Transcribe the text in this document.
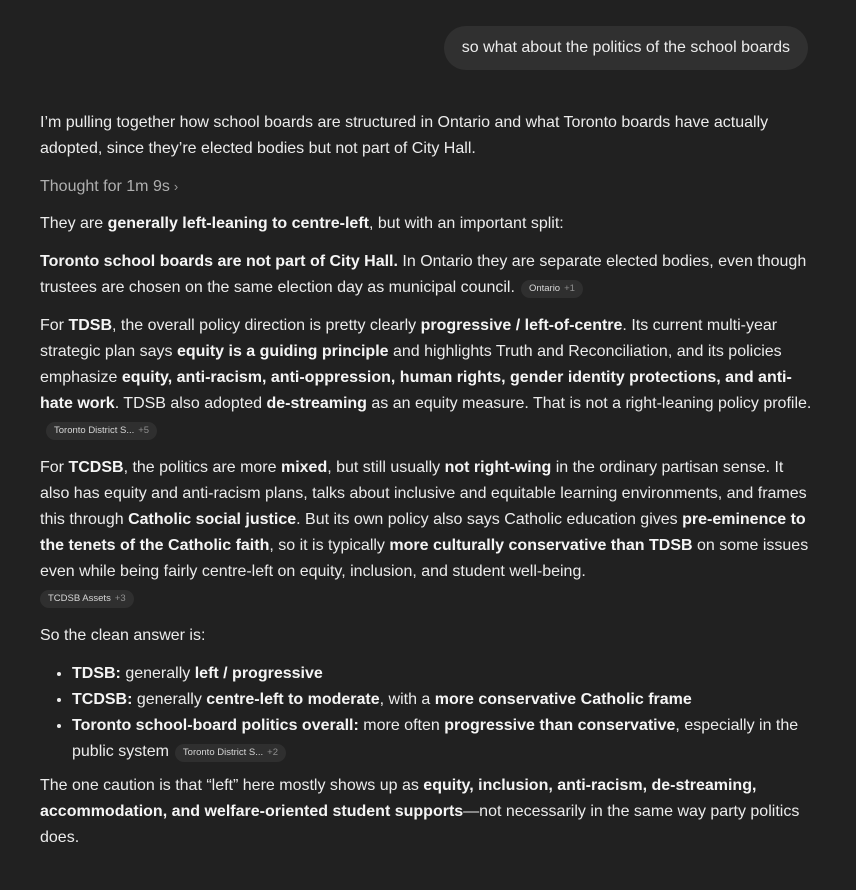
so what about the politics of the school boards

I’m pulling together how school boards are structured in Ontario and what Toronto boards have actually adopted, since they’re elected bodies but not part of City Hall.

Thought for 1m 9s ›

They are generally left-leaning to centre-left, but with an important split:

Toronto school boards are not part of City Hall. In Ontario they are separate elected bodies, even though trustees are chosen on the same election day as municipal council. Ontario +1

For TDSB, the overall policy direction is pretty clearly progressive / left-of-centre. Its current multi-year strategic plan says equity is a guiding principle and highlights Truth and Reconciliation, and its policies emphasize equity, anti-racism, anti-oppression, human rights, gender identity protections, and anti-hate work. TDSB also adopted de-streaming as an equity measure. That is not a right-leaning policy profile.
Toronto District S... +5

For TCDSB, the politics are more mixed, but still usually not right-wing in the ordinary partisan sense. It also has equity and anti-racism plans, talks about inclusive and equitable learning environments, and frames this through Catholic social justice. But its own policy also says Catholic education gives pre-eminence to the tenets of the Catholic faith, so it is typically more culturally conservative than TDSB on some issues even while being fairly centre-left on equity, inclusion, and student well-being.

TCDSB Assets +3

So the clean answer is:

• TDSB: generally left / progressive
• TCDSB: generally centre-left to moderate, with a more conservative Catholic frame
• Toronto school-board politics overall: more often progressive than conservative, especially in the public system Toronto District S... +2

The one caution is that “left” here mostly shows up as equity, inclusion, anti-racism, de-streaming, accommodation, and welfare-oriented student supports—not necessarily in the same way party politics does.
